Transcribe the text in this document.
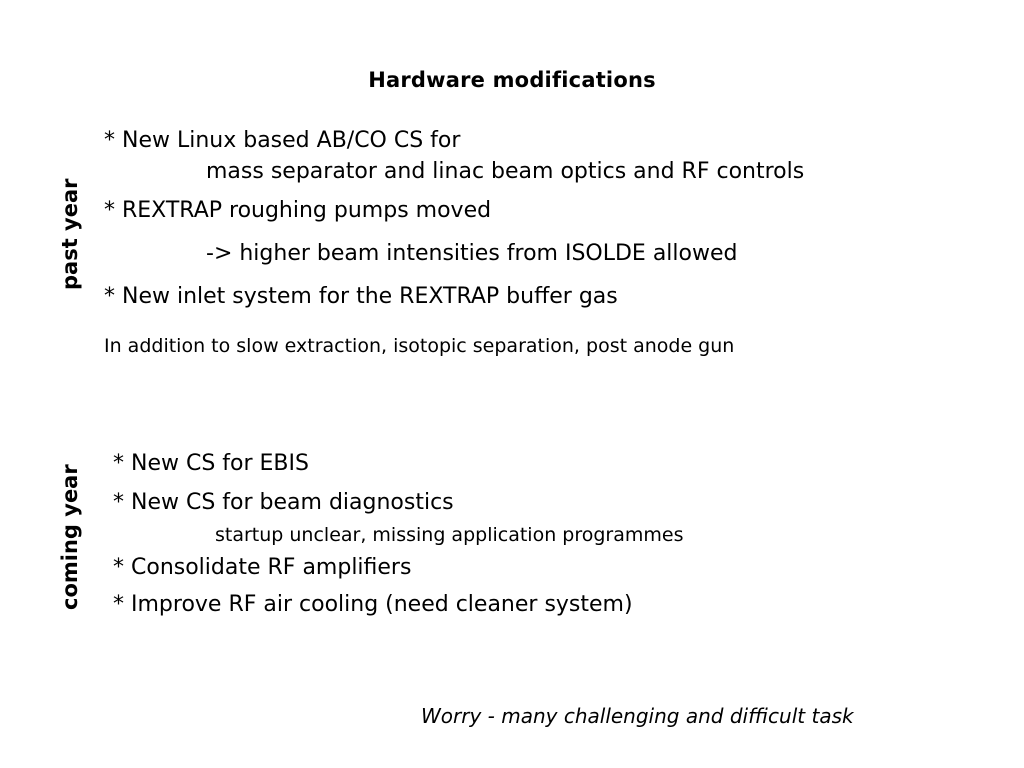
Hardware modifications
past year
coming year
* New Linux based AB/CO CS for
mass separator and linac beam optics and RF controls
* REXTRAP roughing pumps moved
-> higher beam intensities from ISOLDE allowed
* New inlet system for the REXTRAP buffer gas
In addition to slow extraction, isotopic separation, post anode gun
* New CS for EBIS
* New CS for beam diagnostics
startup unclear, missing application programmes
* Consolidate RF amplifiers
* Improve RF air cooling (need cleaner system)
Worry - many challenging and difficult task
